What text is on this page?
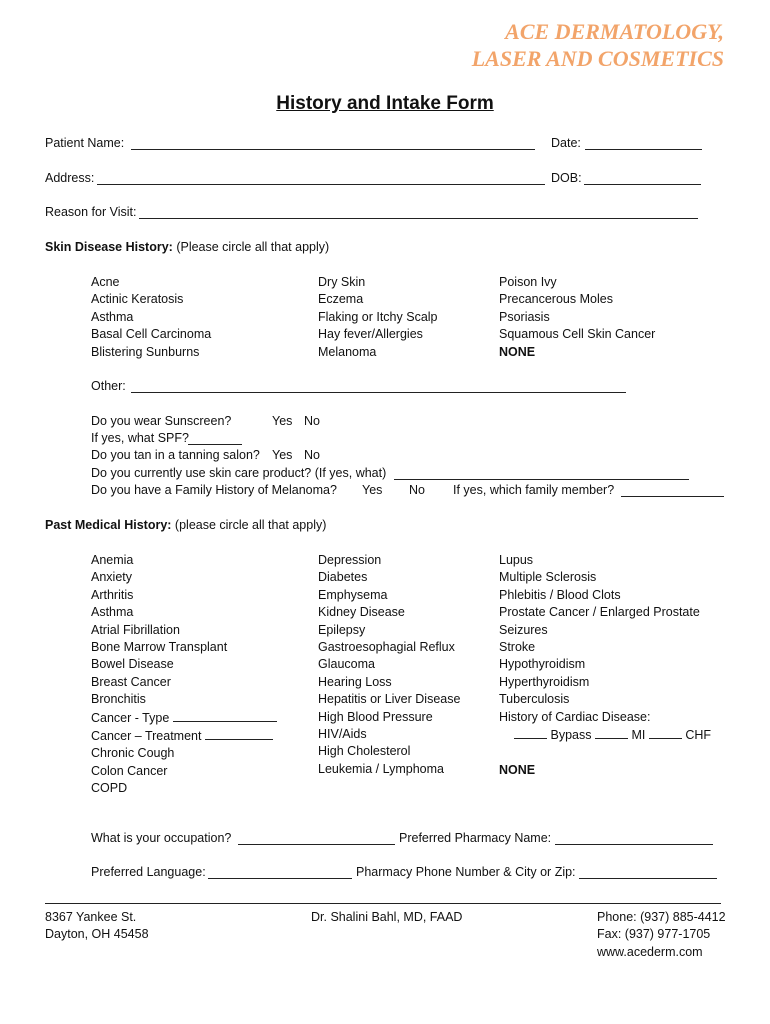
ACE DERMATOLOGY,
LASER AND COSMETICS
History and Intake Form
Patient Name:	Date:
Address:	DOB:
Reason for Visit:
Skin Disease History: (Please circle all that apply)
Acne
Actinic Keratosis
Asthma
Basal Cell Carcinoma
Blistering Sunburns
Dry Skin
Eczema
Flaking or Itchy Scalp
Hay fever/Allergies
Melanoma
Poison Ivy
Precancerous Moles
Psoriasis
Squamous Cell Skin Cancer
NONE
Other:
Do you wear Sunscreen?	Yes No
If yes, what SPF?
Do you tan in a tanning salon? Yes No
Do you currently use skin care product? (If yes, what)
Do you have a Family History of Melanoma? Yes No If yes, which family member?
Past Medical History: (please circle all that apply)
Anemia
Anxiety
Arthritis
Asthma
Atrial Fibrillation
Bone Marrow Transplant
Bowel Disease
Breast Cancer
Bronchitis
Cancer - Type
Cancer – Treatment
Chronic Cough
Colon Cancer
COPD
Depression
Diabetes
Emphysema
Kidney Disease
Epilepsy
Gastroesophagial Reflux
Glaucoma
Hearing Loss
Hepatitis or Liver Disease
High Blood Pressure
HIV/Aids
High Cholesterol
Leukemia / Lymphoma
Lupus
Multiple Sclerosis
Phlebitis / Blood Clots
Prostate Cancer / Enlarged Prostate
Seizures
Stroke
Hypothyroidism
Hyperthyroidism
Tuberculosis
History of Cardiac Disease:
Bypass	MI	CHF

NONE
What is your occupation?	Preferred Pharmacy Name:
Preferred Language:	Pharmacy Phone Number & City or Zip:
8367 Yankee St.
Dayton, OH 45458
Dr. Shalini Bahl, MD, FAAD	Phone: (937) 885-4412
Fax: (937) 977-1705
www.acederm.com
